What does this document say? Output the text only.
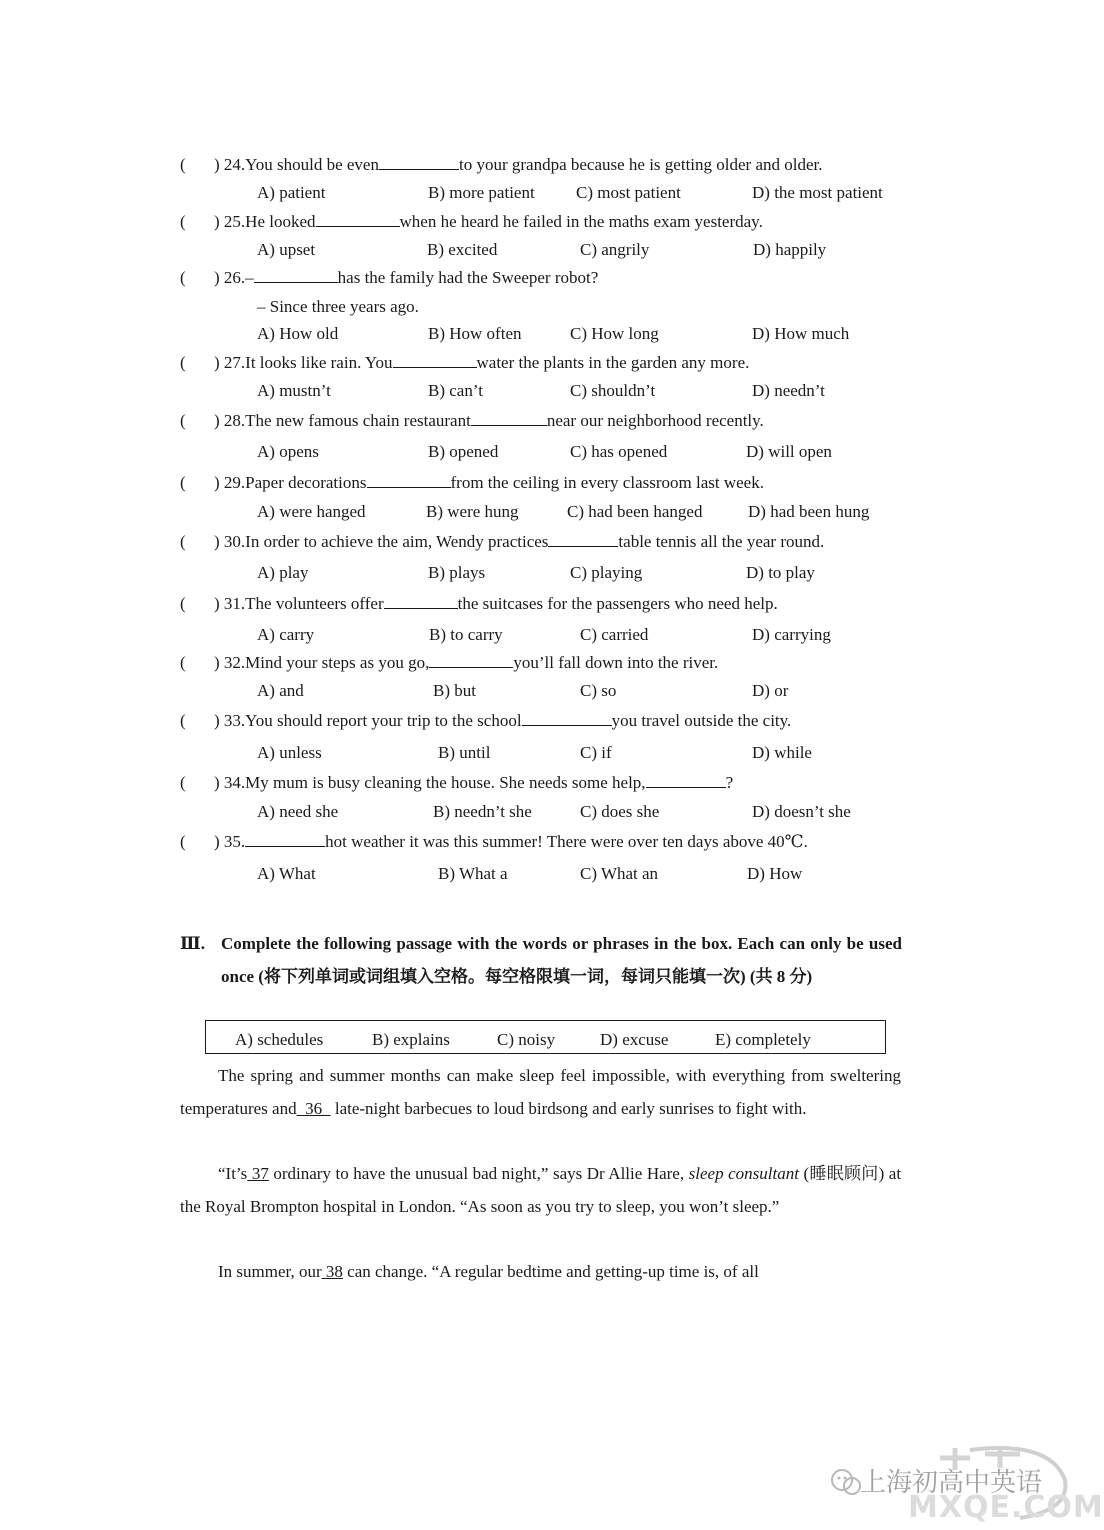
( ) 24.You should be even	to your grandpa because he is getting older and older.
A) patient	B) more patient C) most patient	D) the most patient
( ) 25.He looked	when he heard he failed in the maths exam yesterday.
A) upset	B) excited	C) angrily	D) happily
( ) 26.–	has the family had the Sweeper robot?
– Since three years ago.
A) How old	B) How often	C) How long	D) How much
( ) 27.It looks like rain. You	water the plants in the garden any more.
A) mustn’t	B) can’t	C) shouldn’t	D) needn’t
( ) 28.The new famous chain restaurant	near our neighborhood recently.
A) opens	B) opened	C) has opened	D) will open
( ) 29.Paper decorations	from the ceiling in every classroom last week.
A) were hanged	B) were hung	C) had been hanged	D) had been hung
( ) 30.In order to achieve the aim, Wendy practices	table tennis all the year round.
A) play	B) plays	C) playing	D) to play
( ) 31.The volunteers offer	the suitcases for the passengers who need help.
A) carry	B) to carry	C) carried	D) carrying
( ) 32.Mind your steps as you go,	you’ll fall down into the river.
A) and	B) but	C) so	D) or
( ) 33.You should report your trip to the school	you travel outside the city.
A) unless	B) until	C) if	D) while
( ) 34.My mum is busy cleaning the house. She needs some help,	?
A) need she	B) needn’t she	C) does she	D) doesn’t she
( ) 35.	hot weather it was this summer! There were over ten days above 40℃.
A) What	B) What a	C) What an	D) How
Ⅲ. Complete the following passage with the words or phrases in the box. Each can only be used once (将下列单词或词组填入空格。每空格限填一词，每词只能填一次) (共 8 分)
A) schedules	B) explains	C) noisy	D) excuse	E) completely
The spring and summer months can make sleep feel impossible, with everything from sweltering temperatures and  36   late-night barbecues to loud birdsong and early sunrises to fight with.
“It’s 37 ordinary to have the unusual bad night,” says Dr Allie Hare, sleep consultant (睡眠顾问) at the Royal Brompton hospital in London. “As soon as you try to sleep, you won’t sleep.”
In summer, our 38 can change. “A regular bedtime and getting-up time is, of all
上海初高中英语
MXQE.COM
